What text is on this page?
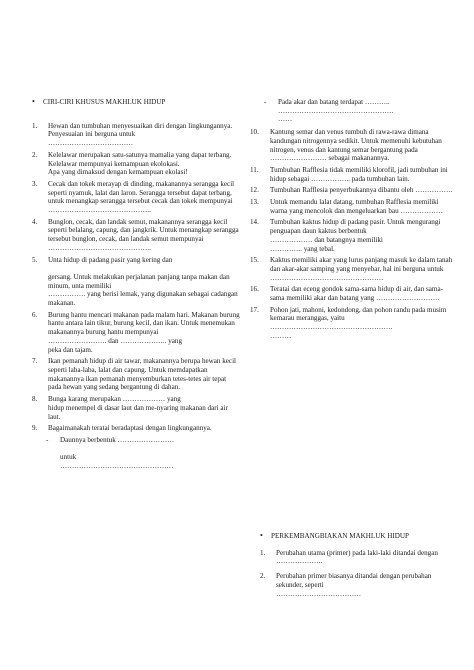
•	CIRI-CIRI KHUSUS MAKHLUK HIDUP

1.	Hewan dan tumbuhan menyesuaikan diri dengan lingkungannya. Penyesuaian ini berguna untuk
………………………………

2.	Kelelawar merupakan satu-satunya mamalia yang dapat terbang. Kelelawar mempunyai kemampuan ekolokasi.
Apa yang dimaksud dengan kemampuan ekolasi!

3.	Cecak dan tokek merayap di dinding, makanannya serangga kecil seperti nyamuk, lalat dan laron. Serangga tersebut dapat terbang, untuk menangkap serangga tersebut cecak dan tokek mempunyai
……………………………………..

4.	Bunglon, cecak, dan landak semut, makanannya serangga kecil seperti belalang, capung, dan jangkrik. Untuk menangkap serangga tersebut bunglon, cecak, dan landak semut mempunyai
……………………………………..

5.	Unta hidup di padang pasir yang kering dan

gersang. Untuk melakukan perjalanan panjang tanpa makan dan minum, unta memiliki
……………. yang berisi lemak, yang digunakan sebagai cadangan makanan.

6.	Burung hantu mencari makanan pada malam hari. Makanan burung hantu antara lain tikur, burung kecil, dan ikan. Untuk menemukan makanannya burung hantu mempunyai
……………………. dan ……………….. yang
peka dan tajam.

7.	Ikan pemanah hidup di air tawar, makanannya berupa hewan kecil seperti laba-laba, lalat dan capung. Untuk memdapatkan makanannya ikan pemanah menyemburkan tetes-tetes air tepat pada hewan yang sedang bergantung di dahan.

8.	Bunga karang merupakan ……………… yang
hidup menempel di dasar laut dan me-nyaring makanan dari air laut.

9.	Bagaimanakah teratai beradaptasi dengan lingkungannya.

-	Daunnya berbentuk ……………………

untuk
…………………………………………

-	Pada akar dan batang terdapat ………..
………………………………………….
……

10.	Kantung semar dan venus tumbuh di rawa-rawa dimana kandungan nitrogennya sedikit. Untuk memenuhi kebutuhan nitrogen, venus dan kantung semar bergantung pada
…………………… sebagai makanannya.

11.	Tumbuhan Rafflesia tidak memiliki klorofil, jadi tumbuhan ini hidup sebagai …………….. pada tumbuhan lain.

12.	Tumbuhan Rafflesia penyerbukannya dibantu oleh …………….

13.	Untuk memandu lalat datang, tumbuhan Rafflesia memiliki warna yang mencolok dan mengeluarkan bau ………………

14.	Tumbuhan kaktus hidup di padang pasir. Untuk mengurangi penguapan daun kaktus berbentuk
……………… dan batangnya memiliki
………….. yang tebal.

15.	Kaktus memiliki akar yang lurus panjang masuk ke dalam tanah dan akar-akar samping yang menyebar, hal ini berguna untuk
…………………………………………

16.	Teratai dan eceng gondok sama-sama hidup di air, dan sama-sama memiliki akar dan batang yang ………………………

17.	Pohon jati, mahoni, kedondong, dan pohon randu pada musim kemarau meranggas, yaitu
…………………………………………….
………

•	PERKEMBANGBIAKAN MAKHLUK HIDUP

1.	Perubahan utama (primer) pada laki-laki ditandai dengan ………………..

2.	Perubahan primer biasanya ditandai dengan perubahan sekunder, seperti
………………………………
